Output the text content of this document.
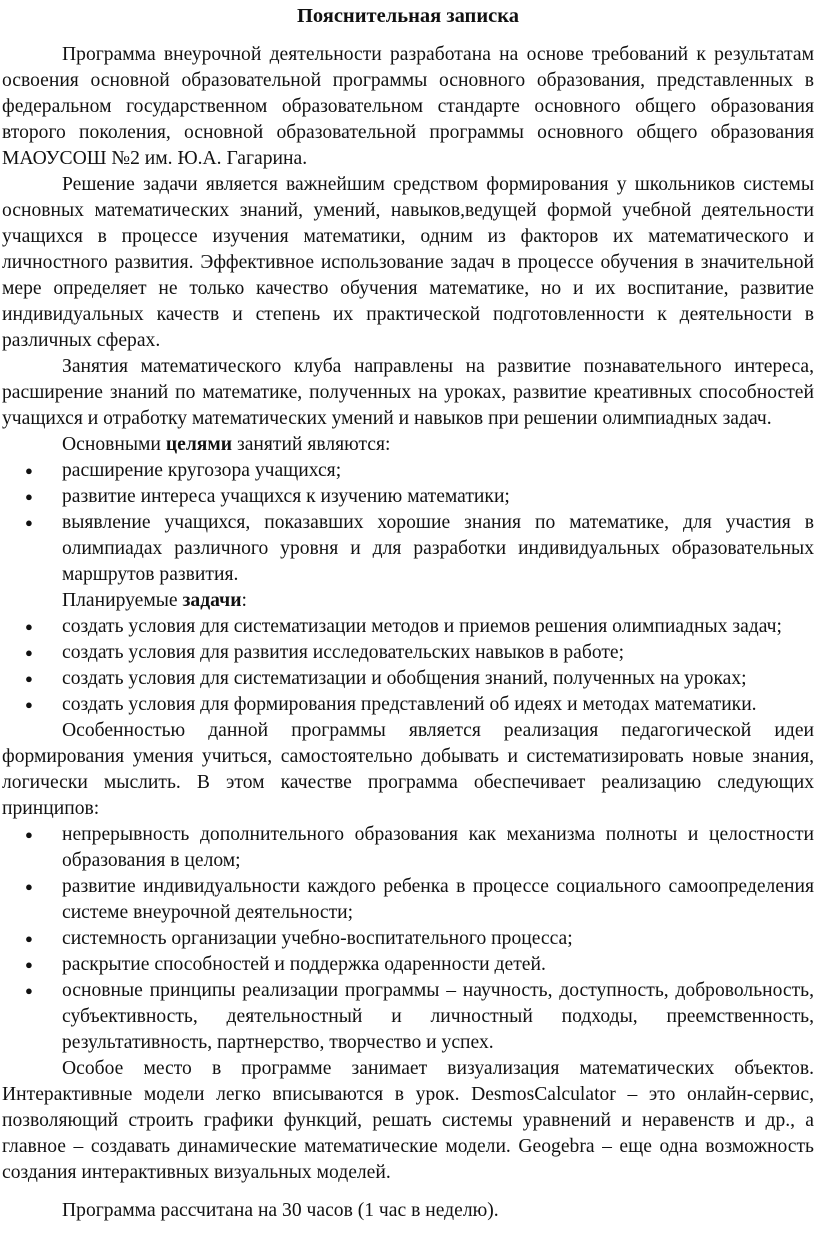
Пояснительная записка

Программа внеурочной деятельности разработана на основе требований к результатам освоения основной образовательной программы основного образования, представленных в федеральном государственном образовательном стандарте основного общего образования второго поколения, основной образовательной программы основного общего образования МАОУСОШ №2 им. Ю.А. Гагарина.

Решение задачи является важнейшим средством формирования у школьников системы основных математических знаний, умений, навыков,ведущей формой учебной деятельности учащихся в процессе изучения математики, одним из факторов их математического и личностного развития. Эффективное использование задач в процессе обучения в значительной мере определяет не только качество обучения математике, но и их воспитание, развитие индивидуальных качеств и степень их практической подготовленности к деятельности в различных сферах.

Занятия математического клуба направлены на развитие познавательного интереса, расширение знаний по математике, полученных на уроках, развитие креативных способностей учащихся и отработку математических умений и навыков при решении олимпиадных задач.

Основными целями занятий являются:

● расширение кругозора учащихся;
● развитие интереса учащихся к изучению математики;
● выявление учащихся, показавших хорошие знания по математике, для участия в олимпиадах различного уровня и для разработки индивидуальных образовательных маршрутов развития.

Планируемые задачи:

● создать условия для систематизации методов и приемов решения олимпиадных задач;
● создать условия для развития исследовательских навыков в работе;
● создать условия для систематизации и обобщения знаний, полученных на уроках;
● создать условия для формирования представлений об идеях и методах математики.

Особенностью данной программы является реализация педагогической идеи формирования умения учиться, самостоятельно добывать и систематизировать новые знания, логически мыслить. В этом качестве программа обеспечивает реализацию следующих принципов:

● непрерывность дополнительного образования как механизма полноты и целостности образования в целом;
● развитие индивидуальности каждого ребенка в процессе социального самоопределения системе внеурочной деятельности;
● системность организации учебно-воспитательного процесса;
● раскрытие способностей и поддержка одаренности детей.
● основные принципы реализации программы – научность, доступность, добровольность, субъективность, деятельностный и личностный подходы, преемственность, результативность, партнерство, творчество и успех.

Особое место в программе занимает визуализация математических объектов. Интерактивные модели легко вписываются в урок. DesmosCalculator – это онлайн-сервис, позволяющий строить графики функций, решать системы уравнений и неравенств и др., а главное – создавать динамические математические модели. Geogebra – еще одна возможность создания интерактивных визуальных моделей.

Программа рассчитана на 30 часов (1 час в неделю).
